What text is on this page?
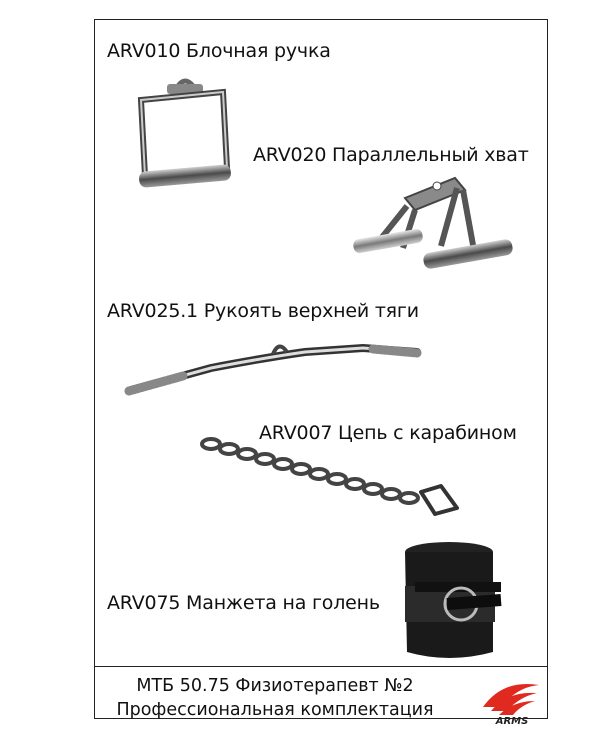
ARV010 Блочная ручка
ARV020 Параллельный хват
ARV025.1 Рукоять верхней тяги
ARV007 Цепь с карабином
ARV075 Манжета на голень
МТБ 50.75 Физиотерапевт №2
Профессиональная комплектация
ARMS
